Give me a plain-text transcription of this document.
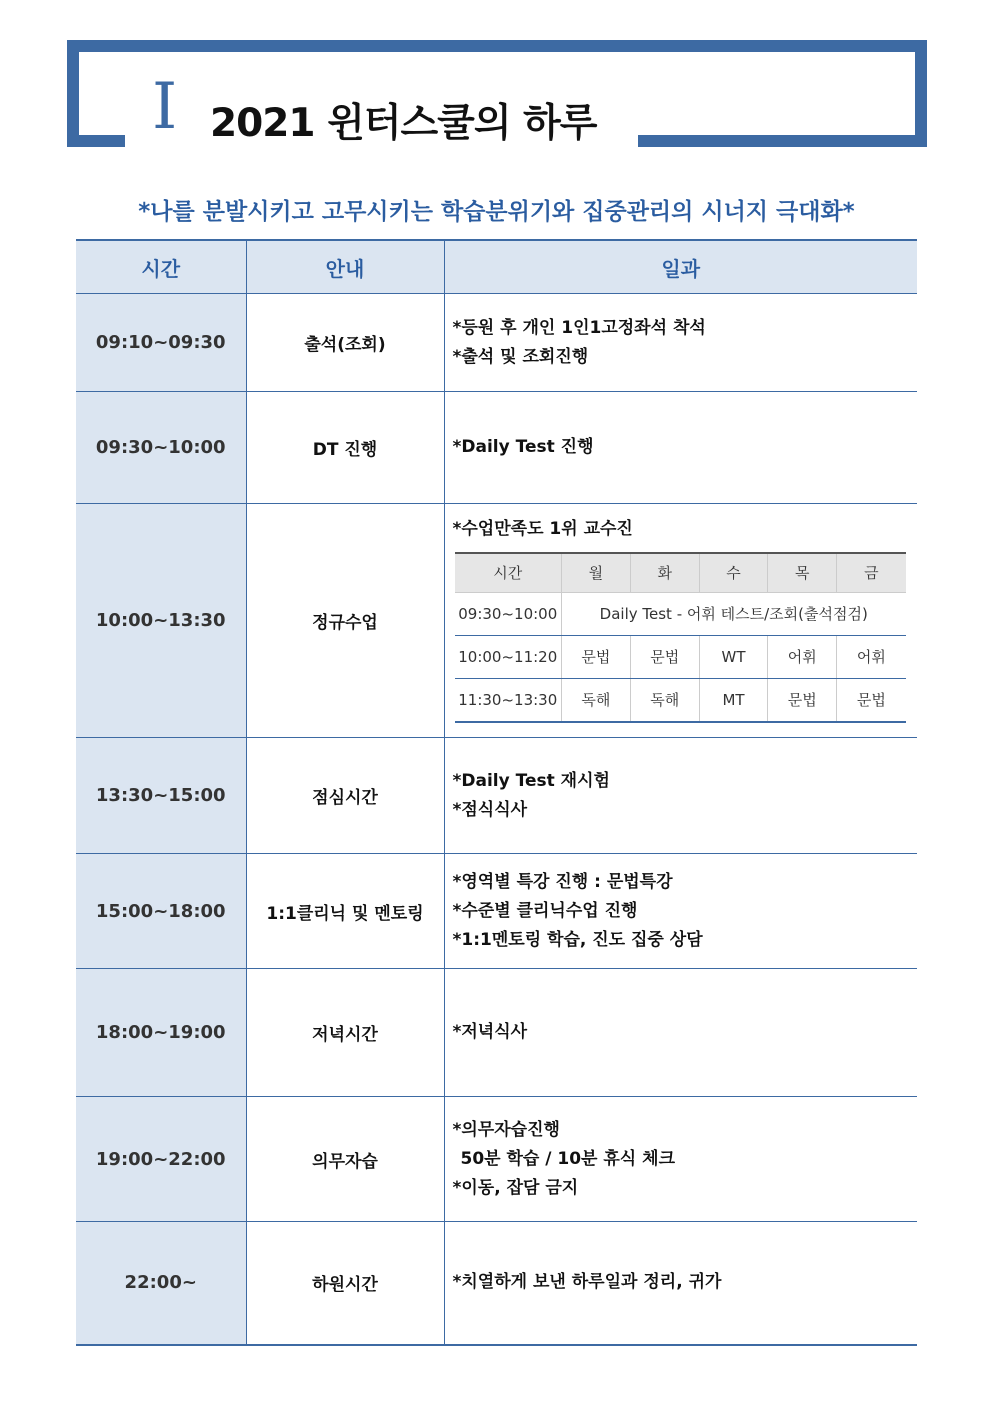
I 2021 윈터스쿨의 하루
*나를 분발시키고 고무시키는 학습분위기와 집중관리의 시너지 극대화*
시간	안내	일과
09:10~09:30	출석(조회)	
*등원 후 개인 1인1고정좌석 착석
*출석 및 조회진행

09:30~10:00	DT 진행	*Daily Test 진행

10:00~13:30	정규수업	
*수업만족도 1위 교수진
시간	월	화	수	목	금
09:30~10:00	Daily Test - 어휘 테스트/조회(출석점검)
10:00~11:20	문법	문법	WT	어휘	어휘
11:30~13:30	독해	독해	MT	문법	문법

13:30~15:00	점심시간	
*Daily Test 재시험
*점식식사

15:00~18:00	1:1클리닉 및 멘토링	
*영역별 특강 진행 : 문법특강
*수준별 클리닉수업 진행
*1:1멘토링 학습, 진도 집중 상담

18:00~19:00	저녁시간	*저녁식사

19:00~22:00	의무자습	
*의무자습진행
50분 학습 / 10분 휴식 체크
*이동, 잡담 금지

22:00~	하원시간	*치열하게 보낸 하루일과 정리, 귀가
